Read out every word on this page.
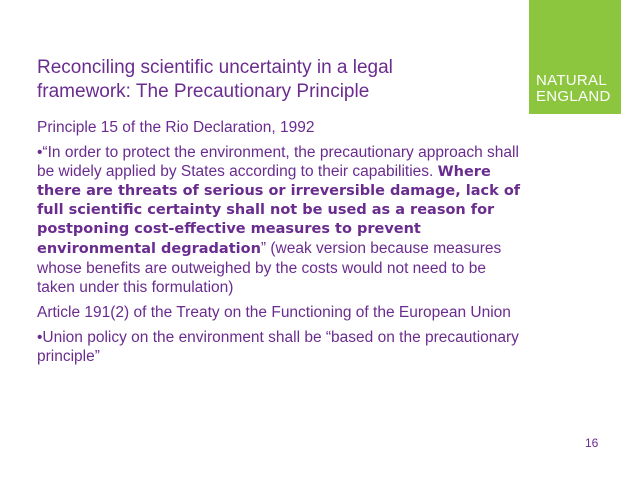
Reconciling scientific uncertainty in a legal
framework: The Precautionary Principle
NATURAL
ENGLAND
Principle 15 of the Rio Declaration, 1992
•“In order to protect the environment, the precautionary approach shall
be widely applied by States according to their capabilities. Where
there are threats of serious or irreversible damage, lack of
full scientific certainty shall not be used as a reason for
postponing cost-effective measures to prevent
environmental degradation” (weak version because measures
whose benefits are outweighed by the costs would not need to be
taken under this formulation)
Article 191(2) of the Treaty on the Functioning of the European Union
•Union policy on the environment shall be “based on the precautionary
principle”
16
